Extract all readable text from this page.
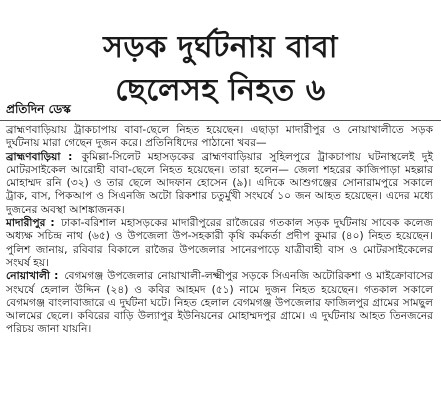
সড়ক দুর্ঘটনায় বাবা
ছেলেসহ নিহত ৬
প্রতিদিন ডেস্ক

ব্রাহ্মণবাড়িয়ায় ট্রাকচাপায় বাবা-ছেলে নিহত হয়েছেন। এছাড়া মাদারীপুর ও নোয়াখালীতে সড়ক দুর্ঘটনায় মারা গেছেন দুজন করে। প্রতিনিধিদের পাঠানো খবর—

ব্রাহ্মণবাড়িয়া : কুমিল্লা-সিলেট মহাসড়কের ব্রাহ্মণবাড়িয়ার সুহিলপুরে ট্রাকচাপায় ঘটনাস্থলেই দুই মোটরসাইকেল আরোহী বাবা-ছেলে নিহত হয়েছেন। তারা হলেন— জেলা শহরের কাজিপাড়া মহল্লার মোহাম্মদ রনি (৩২) ও তার ছেলে আদফান হোসেন (৯)। এদিকে আশুগঞ্জের সোনারামপুরে সকালে ট্রাক, বাস, পিকআপ ও সিএনজি অটো রিকশার চতুর্মুখী সংঘর্ষে ১০ জন আহত হয়েছেন। এদের মধ্যে দুজনের অবস্থা আশঙ্কাজনক।

মাদারীপুর : ঢাকা-বরিশাল মহাসড়কের মাদারীপুরের রাজৈরের গতকাল সড়ক দুর্ঘটনায় সাবেক কলেজ অধ্যক্ষ সচিন্দ্র নাথ (৬৫) ও উপজেলা উপ-সহকারী কৃষি কর্মকর্তা প্রদীপ কুমার (৪০) নিহত হয়েছেন। পুলিশ জানায়, রবিবার বিকালে রাজৈর উপজেলার সানেরপাড়ে যাত্রীবাহী বাস ও মোটরসাইকেলের সংঘর্ষ হয়।

নোয়াখালী : বেগমগঞ্জ উপজেলার নোয়াখালী-লক্ষ্মীপুর সড়কে সিএনজি অটোরিকশা ও মাইক্রোবাসের সংঘর্ষে হেলাল উদ্দিন (২৪) ও কবির আহমদ (৫১) নামে দুজন নিহত হয়েছেন। গতকাল সকালে বেগমগঞ্জ বাংলাবাজারে এ দুর্ঘটনা ঘটে। নিহত হেলাল বেগমগঞ্জ উপজেলার ফাজিলপুর গ্রামের সামছুল আলমের ছেলে। কবিরের বাড়ি উল্যাপুর ইউনিয়নের মোহাম্মদপুর গ্রামে। এ দুর্ঘটনায় আহত তিনজনের পরিচয় জানা যায়নি।
